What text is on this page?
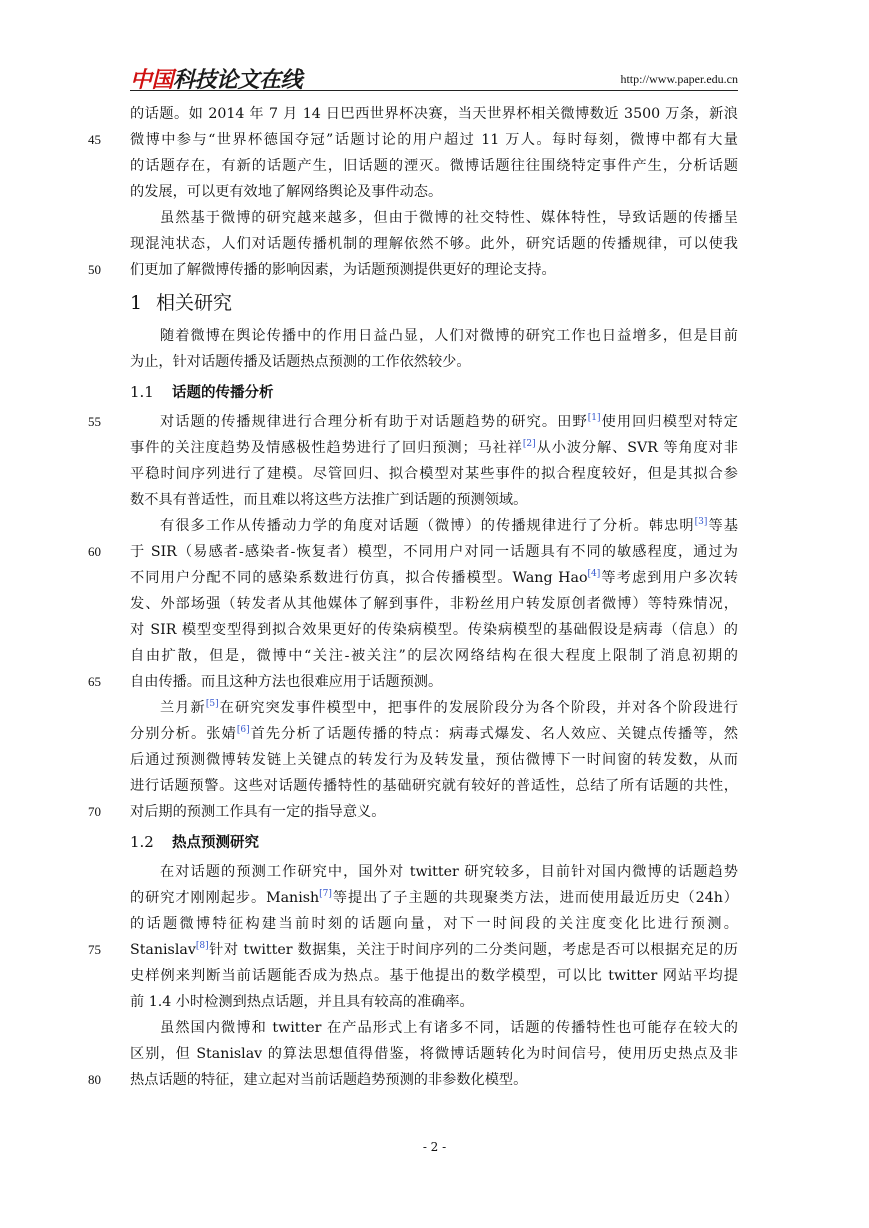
中国科技论文在线	http://www.paper.edu.cn
的话题。如 2014 年 7 月 14 日巴西世界杯决赛，当天世界杯相关微博数近 3500 万条，新浪
45 微博中参与“世界杯德国夺冠”话题讨论的用户超过 11 万人。每时每刻，微博中都有大量
的话题存在，有新的话题产生，旧话题的湮灭。微博话题往往围绕特定事件产生，分析话题
的发展，可以更有效地了解网络舆论及事件动态。
虽然基于微博的研究越来越多，但由于微博的社交特性、媒体特性，导致话题的传播呈
现混沌状态，人们对话题传播机制的理解依然不够。此外，研究话题的传播规律，可以使我
50 们更加了解微博传播的影响因素，为话题预测提供更好的理论支持。
1 相关研究
随着微博在舆论传播中的作用日益凸显，人们对微博的研究工作也日益增多，但是目前
为止，针对话题传播及话题热点预测的工作依然较少。
1.1 话题的传播分析
55	对话题的传播规律进行合理分析有助于对话题趋势的研究。田野[1]使用回归模型对特定
事件的关注度趋势及情感极性趋势进行了回归预测；马社祥[2]从小波分解、SVR 等角度对非
平稳时间序列进行了建模。尽管回归、拟合模型对某些事件的拟合程度较好，但是其拟合参
数不具有普适性，而且难以将这些方法推广到话题的预测领域。
有很多工作从传播动力学的角度对话题（微博）的传播规律进行了分析。韩忠明[3]等基
60 于 SIR（易感者-感染者-恢复者）模型，不同用户对同一话题具有不同的敏感程度，通过为
不同用户分配不同的感染系数进行仿真，拟合传播模型。Wang Hao[4]等考虑到用户多次转
发、外部场强（转发者从其他媒体了解到事件，非粉丝用户转发原创者微博）等特殊情况，
对 SIR 模型变型得到拟合效果更好的传染病模型。传染病模型的基础假设是病毒（信息）的
自由扩散，但是，微博中“关注-被关注”的层次网络结构在很大程度上限制了消息初期的
65 自由传播。而且这种方法也很难应用于话题预测。
兰月新[5]在研究突发事件模型中，把事件的发展阶段分为各个阶段，并对各个阶段进行
分别分析。张婧[6]首先分析了话题传播的特点：病毒式爆发、名人效应、关键点传播等，然
后通过预测微博转发链上关键点的转发行为及转发量，预估微博下一时间窗的转发数，从而
进行话题预警。这些对话题传播特性的基础研究就有较好的普适性，总结了所有话题的共性，
70 对后期的预测工作具有一定的指导意义。
1.2 热点预测研究
在对话题的预测工作研究中，国外对 twitter 研究较多，目前针对国内微博的话题趋势
的研究才刚刚起步。Manish[7]等提出了子主题的共现聚类方法，进而使用最近历史（24h）
的话题微博特征构建当前时刻的话题向量，对下一时间段的关注度变化比进行预测。
75 Stanislav[8]针对 twitter 数据集，关注于时间序列的二分类问题，考虑是否可以根据充足的历
史样例来判断当前话题能否成为热点。基于他提出的数学模型，可以比 twitter 网站平均提
前 1.4 小时检测到热点话题，并且具有较高的准确率。
虽然国内微博和 twitter 在产品形式上有诸多不同，话题的传播特性也可能存在较大的
区别，但 Stanislav 的算法思想值得借鉴，将微博话题转化为时间信号，使用历史热点及非
80 热点话题的特征，建立起对当前话题趋势预测的非参数化模型。
- 2 -
